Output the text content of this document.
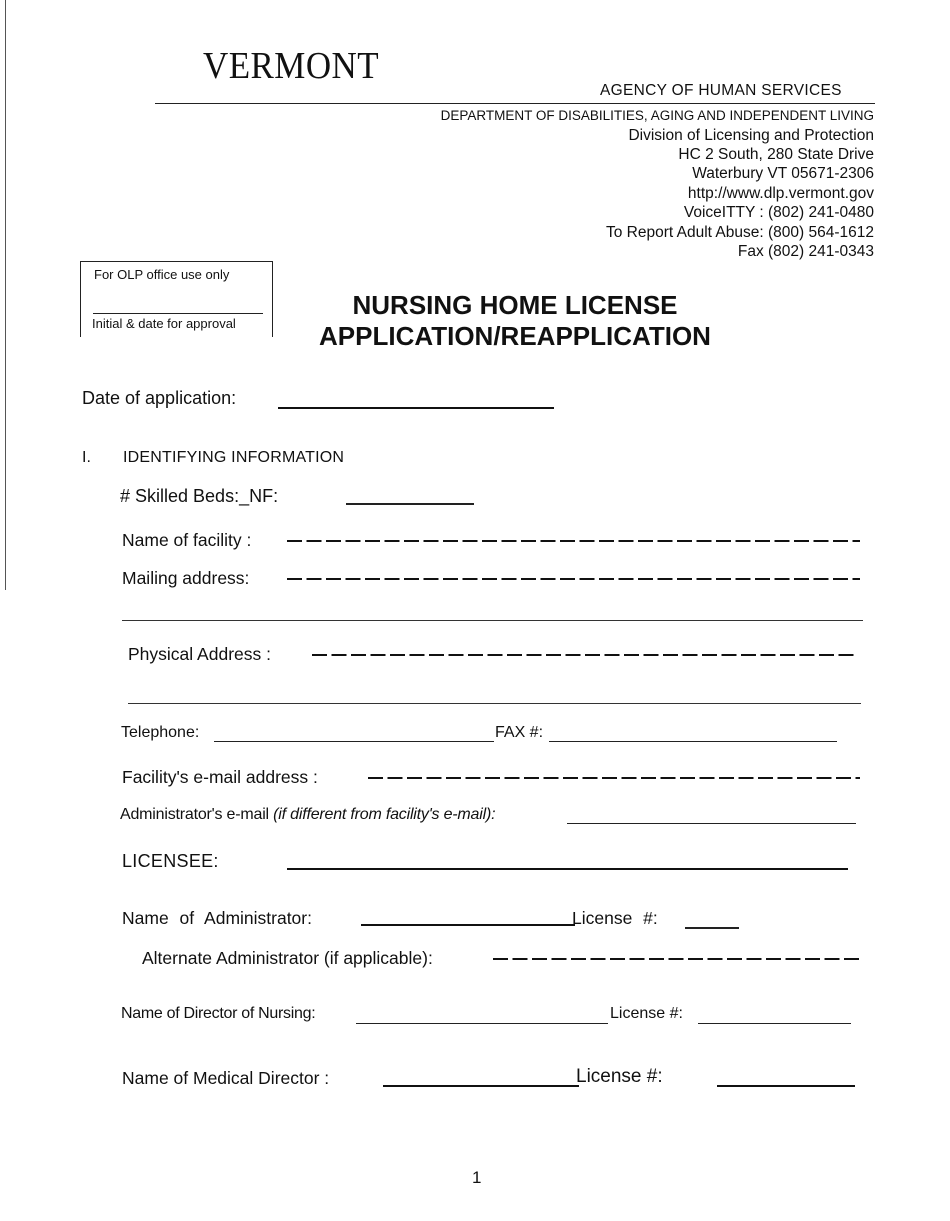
VERMONT
AGENCY OF HUMAN SERVICES
DEPARTMENT OF DISABILITIES, AGING AND INDEPENDENT LIVING
Division of Licensing and Protection
HC 2 South, 280 State Drive
Waterbury VT 05671-2306
http://www.dlp.vermont.gov
VoiceITTY : (802) 241-0480
To Report Adult Abuse: (800) 564-1612
Fax (802) 241-0343
For OLP office use only
Initial & date for approval
NURSING HOME LICENSE
APPLICATION/REAPPLICATION
Date of application:
I. IDENTIFYING INFORMATION
# Skilled Beds:_NF:
Name of facility :
Mailing address:
Physical Address :
Telephone:	FAX #:
Facility's e-mail address :
Administrator's e-mail (if different from facility's e-mail):
LICENSEE:
Name of Administrator:	License #:
Alternate Administrator (if applicable):
Name of Director of Nursing:	License #:
Name of Medical Director :	License #:
1
